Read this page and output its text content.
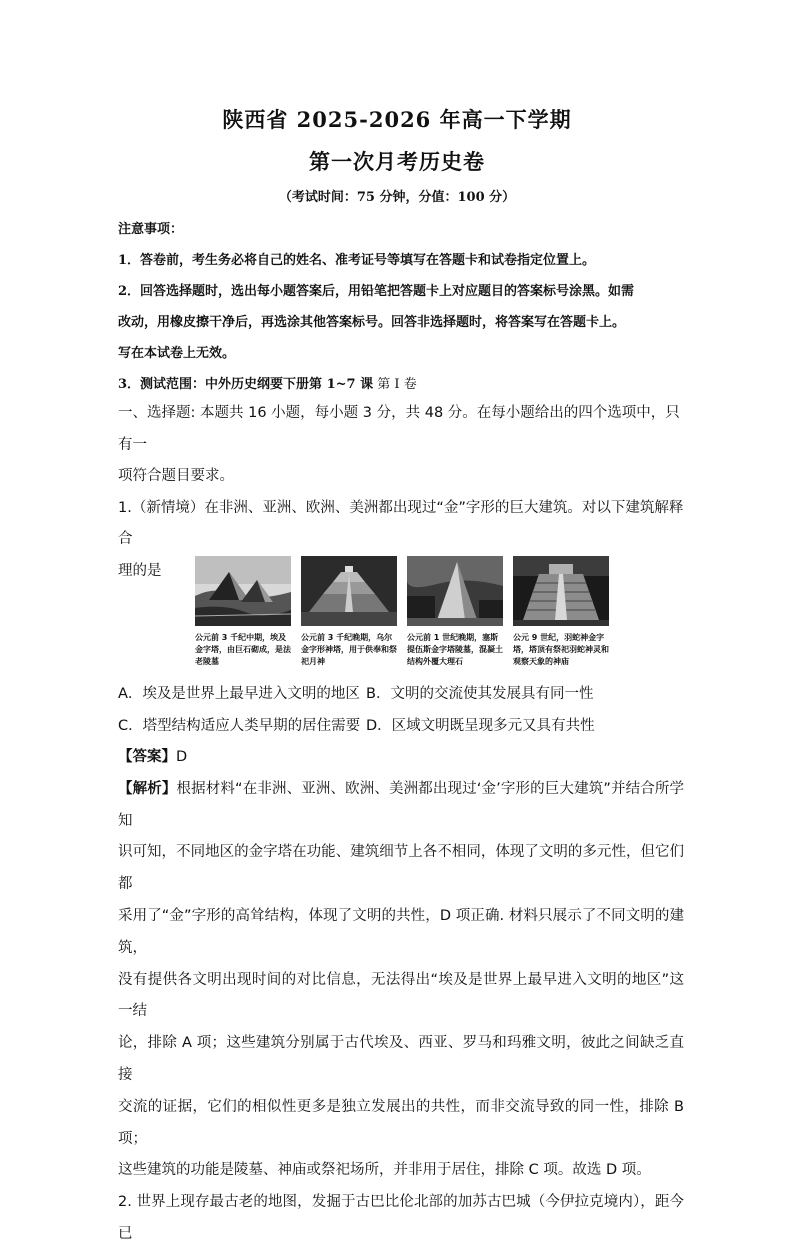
陕西省 2025-2026 年高一下学期
第一次月考历史卷
（考试时间：75 分钟，分值：100 分）

注意事项：

1．答卷前，考生务必将自己的姓名、准考证号等填写在答题卡和试卷指定位置上。

2．回答选择题时，选出每小题答案后，用铅笔把答题卡上对应题目的答案标号涂黑。如需

改动，用橡皮擦干净后，再选涂其他答案标号。回答非选择题时，将答案写在答题卡上。

写在本试卷上无效。

3．测试范围：中外历史纲要下册第 1~7 课 第 I 卷

一、选择题: 本题共 16 小题，每小题 3 分，共 48 分。在每小题给出的四个选项中，只有一

项符合题目要求。

1.（新情境）在非洲、亚洲、欧洲、美洲都出现过“金”字形的巨大建筑。对以下建筑解释合

理的是

公元前 3 千纪中期，埃及金字塔，由巨石砌成，是法老陵墓
公元前 3 千纪晚期，乌尔金字形神塔，用于供奉和祭祀月神
公元前 1 世纪晚期，塞斯提伍斯金字塔陵墓，混凝土结构外覆大理石
公元 9 世纪，羽蛇神金字塔，塔顶有祭祀羽蛇神灵和观察天象的神庙
A．埃及是世界上最早进入文明的地区 B．文明的交流使其发展具有同一性
C．塔型结构适应人类早期的居住需要 D．区域文明既呈现多元又具有共性

【答案】D

【解析】根据材料“在非洲、亚洲、欧洲、美洲都出现过‘金’字形的巨大建筑”并结合所学知

识可知，不同地区的金字塔在功能、建筑细节上各不相同，体现了文明的多元性，但它们都

采用了“金”字形的高耸结构，体现了文明的共性，D 项正确. 材料只展示了不同文明的建筑，

没有提供各文明出现时间的对比信息，无法得出“埃及是世界上最早进入文明的地区”这一结

论，排除 A 项；这些建筑分别属于古代埃及、西亚、罗马和玛雅文明，彼此之间缺乏直接

交流的证据，它们的相似性更多是独立发展出的共性，而非交流导致的同一性，排除 B 项；

这些建筑的功能是陵墓、神庙或祭祀场所，并非用于居住，排除 C 项。故选 D 项。

2. 世界上现存最古老的地图，发掘于古巴比伦北部的加苏古巴城（今伊拉克境内），距今已
